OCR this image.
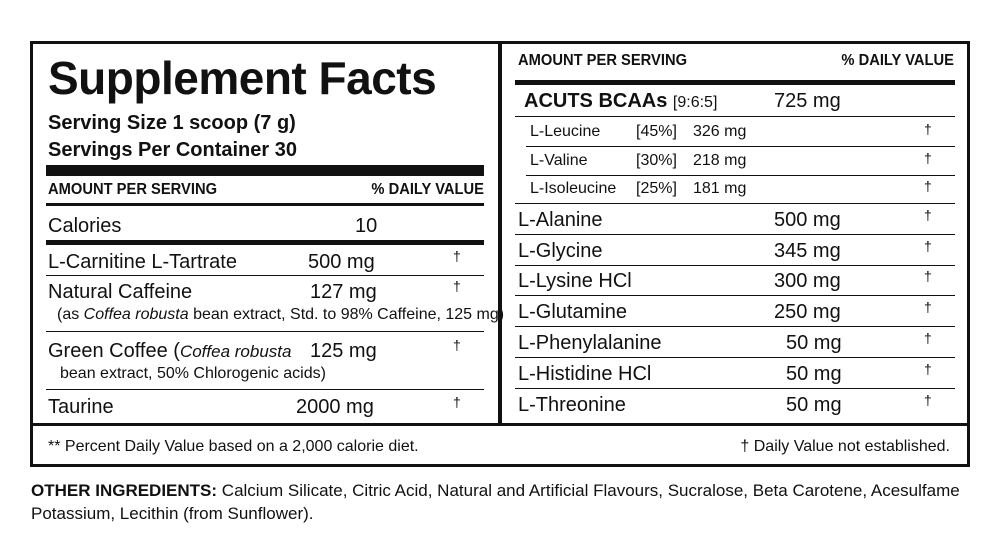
Supplement Facts
Serving Size 1 scoop (7 g)
Servings Per Container 30
AMOUNT PER SERVING	% DAILY VALUE
Calories	10
L-Carnitine L-Tartrate	500 mg	†
Natural Caffeine	127 mg	†
(as Coffea robusta bean extract, Std. to 98% Caffeine, 125 mg)
Green Coffee (Coffea robusta 125 mg	†
bean extract, 50% Chlorogenic acids)
Taurine	2000 mg	†
AMOUNT PER SERVING	% DAILY VALUE
ACUTS BCAAs [9:6:5]	725 mg
L-Leucine [45%] 326 mg	†
L-Valine	[30%] 218 mg	†
L-Isoleucine [25%] 181 mg	†
L-Alanine	500 mg	†
L-Glycine	345 mg	†
L-Lysine HCl	300 mg	†
L-Glutamine	250 mg	†
L-Phenylalanine	50 mg	†
L-Histidine HCl	50 mg	†
L-Threonine	50 mg	†
** Percent Daily Value based on a 2,000 calorie diet.	† Daily Value not established.
OTHER INGREDIENTS: Calcium Silicate, Citric Acid, Natural and Artificial Flavours, Sucralose, Beta Carotene, Acesulfame Potassium, Lecithin (from Sunflower).
